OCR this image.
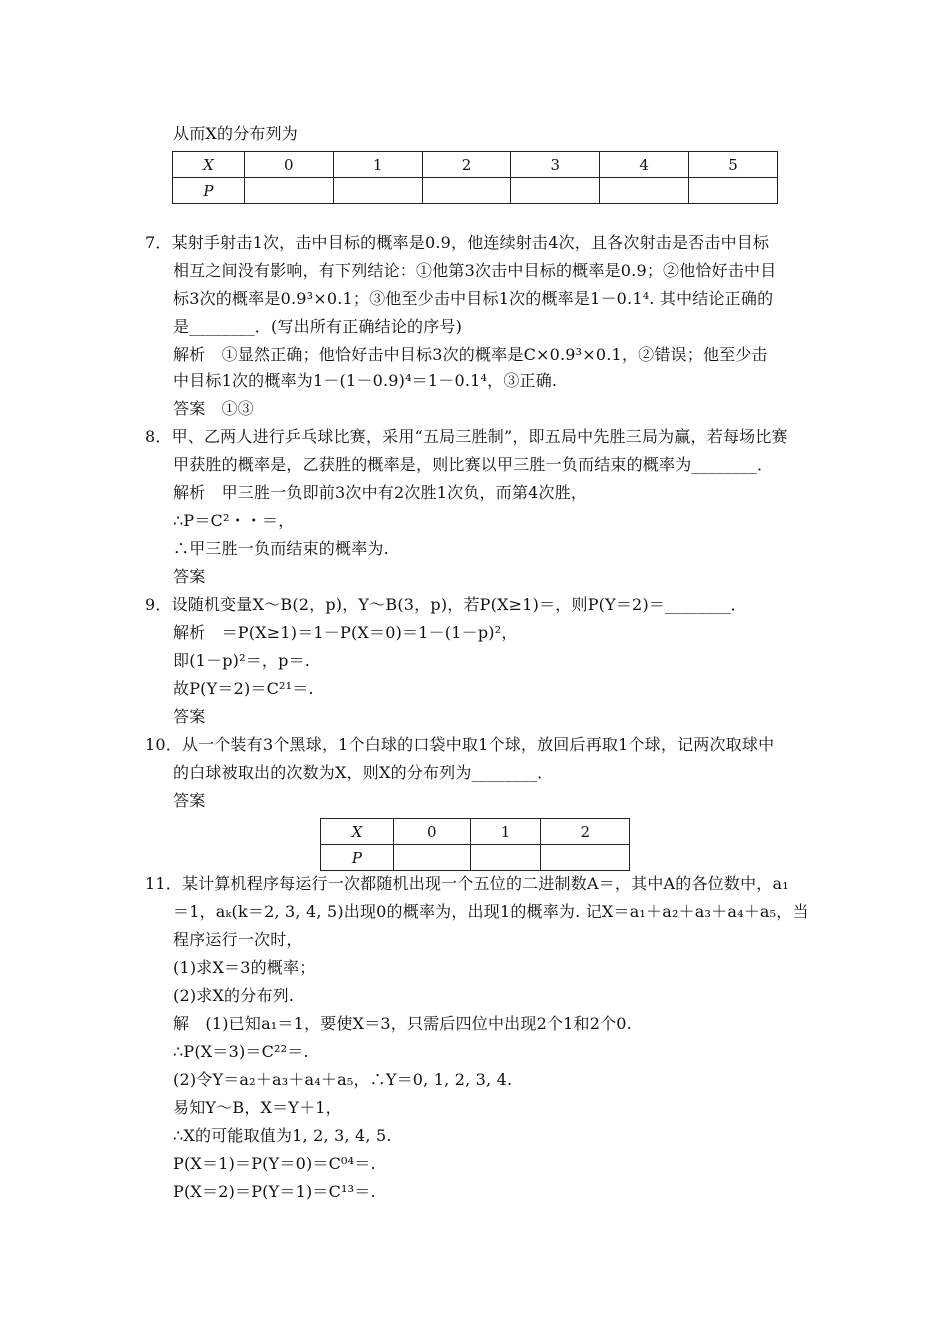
从而X的分布列为
X	0	1	2	3	4	5
P						
7．某射手射击1次，击中目标的概率是0.9，他连续射击4次，且各次射击是否击中目标
相互之间没有影响，有下列结论：①他第3次击中目标的概率是0.9；②他恰好击中目
标3次的概率是0.9³×0.1；③他至少击中目标1次的概率是1－0.1⁴. 其中结论正确的
是________．(写出所有正确结论的序号)
解析　①显然正确；他恰好击中目标3次的概率是C×0.9³×0.1，②错误；他至少击
中目标1次的概率为1－(1－0.9)⁴＝1－0.1⁴，③正确.
答案　①③
8．甲、乙两人进行乒乓球比赛，采用“五局三胜制”，即五局中先胜三局为赢，若每场比赛
甲获胜的概率是，乙获胜的概率是，则比赛以甲三胜一负而结束的概率为________．
解析　甲三胜一负即前3次中有2次胜1次负，而第4次胜，
∴P＝C²・・＝，
∴甲三胜一负而结束的概率为.
答案
9．设随机变量X～B(2，p)，Y～B(3，p)，若P(X≥1)＝，则P(Y＝2)＝________．
解析　＝P(X≥1)＝1－P(X＝0)＝1－(1－p)²，
即(1－p)²＝，p＝.
故P(Y＝2)＝C²¹＝.
答案
10．从一个装有3个黑球，1个白球的口袋中取1个球，放回后再取1个球，记两次取球中
的白球被取出的次数为X，则X的分布列为________．
答案
X	0	1	2
P			
11．某计算机程序每运行一次都随机出现一个五位的二进制数A＝，其中A的各位数中，a₁
＝1，aₖ(k＝2, 3, 4, 5)出现0的概率为，出现1的概率为. 记X＝a₁＋a₂＋a₃＋a₄＋a₅，当
程序运行一次时，
(1)求X＝3的概率；
(2)求X的分布列.
解　(1)已知a₁＝1，要使X＝3，只需后四位中出现2个1和2个0.
∴P(X＝3)＝C²²＝.
(2)令Y＝a₂＋a₃＋a₄＋a₅，∴Y＝0, 1, 2, 3, 4.
易知Y～B，X＝Y＋1，
∴X的可能取值为1, 2, 3, 4, 5.
P(X＝1)＝P(Y＝0)＝C⁰⁴＝.
P(X＝2)＝P(Y＝1)＝C¹³＝.
